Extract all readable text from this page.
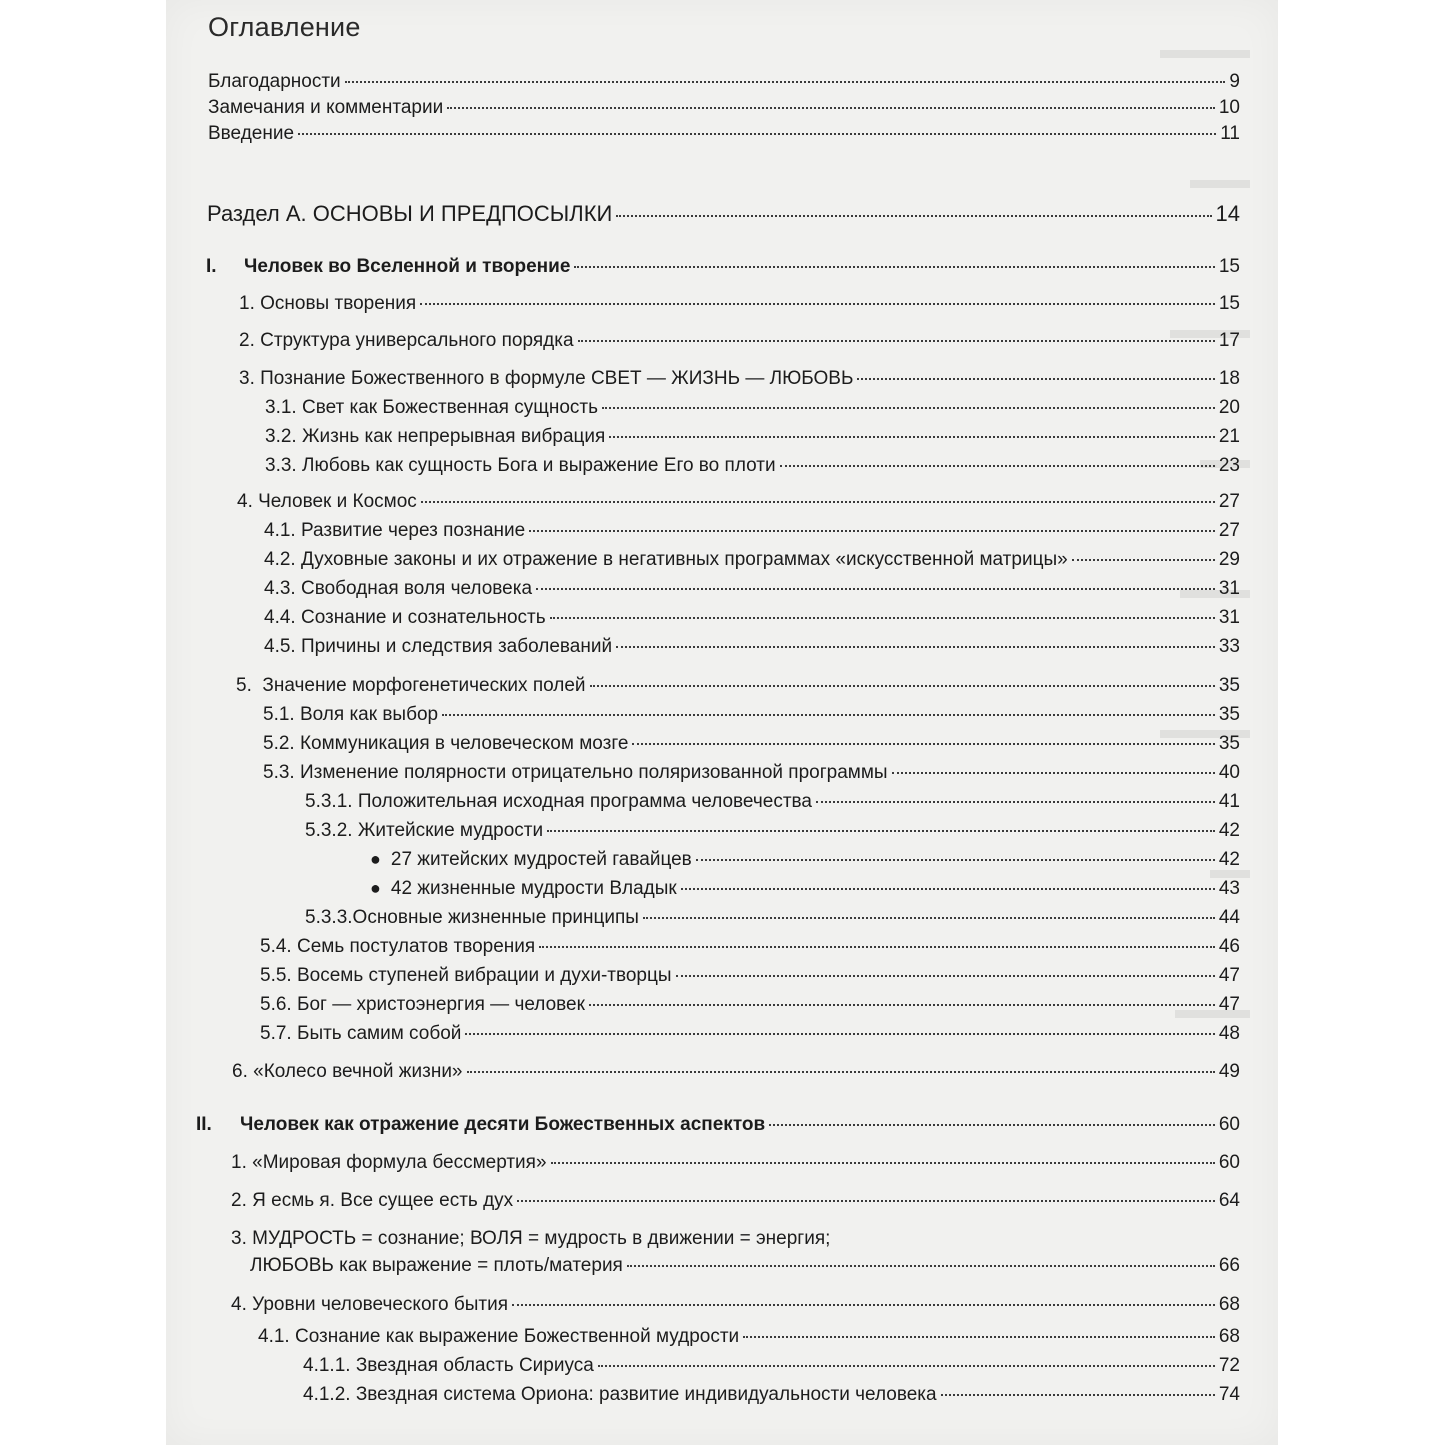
Оглавление
Благодарности	9
Замечания и комментарии	10
Введение	11
Раздел А. ОСНОВЫ И ПРЕДПОСЫЛКИ	14
I. Человек во Вселенной и творение	15
1. Основы творения	15
2. Структура универсального порядка	17
3. Познание Божественного в формуле СВЕТ — ЖИЗНЬ — ЛЮБОВЬ	18
3.1. Свет как Божественная сущность	20
3.2. Жизнь как непрерывная вибрация	21
3.3. Любовь как сущность Бога и выражение Его во плоти	23
4. Человек и Космос	27
4.1. Развитие через познание	27
4.2. Духовные законы и их отражение в негативных программах «искусственной матрицы»	29
4.3. Свободная воля человека	31
4.4. Сознание и сознательность	31
4.5. Причины и следствия заболеваний	33
5.  Значение морфогенетических полей	35
5.1. Воля как выбор	35
5.2. Коммуникация в человеческом мозге	35
5.3. Изменение полярности отрицательно поляризованной программы	40
5.3.1. Положительная исходная программа человечества	41
5.3.2. Житейские мудрости	42
● 27 житейских мудростей гавайцев	42
● 42 жизненные мудрости Владык	43
5.3.3.Основные жизненные принципы	44
5.4. Семь постулатов творения	46
5.5. Восемь ступеней вибрации и духи-творцы	47
5.6. Бог — христоэнергия — человек	47
5.7. Быть самим собой	48
6. «Колесо вечной жизни»	49
II. Человек как отражение десяти Божественных аспектов	60
1. «Мировая формула бессмертия»	60
2. Я есмь я. Все сущее есть дух	64
3. МУДРОСТЬ = сознание; ВОЛЯ = мудрость в движении = энергия;
ЛЮБОВЬ как выражение = плоть/материя	66
4. Уровни человеческого бытия	68
4.1. Сознание как выражение Божественной мудрости	68
4.1.1. Звездная область Сириуса	72
4.1.2. Звездная система Ориона: развитие индивидуальности человека	74
